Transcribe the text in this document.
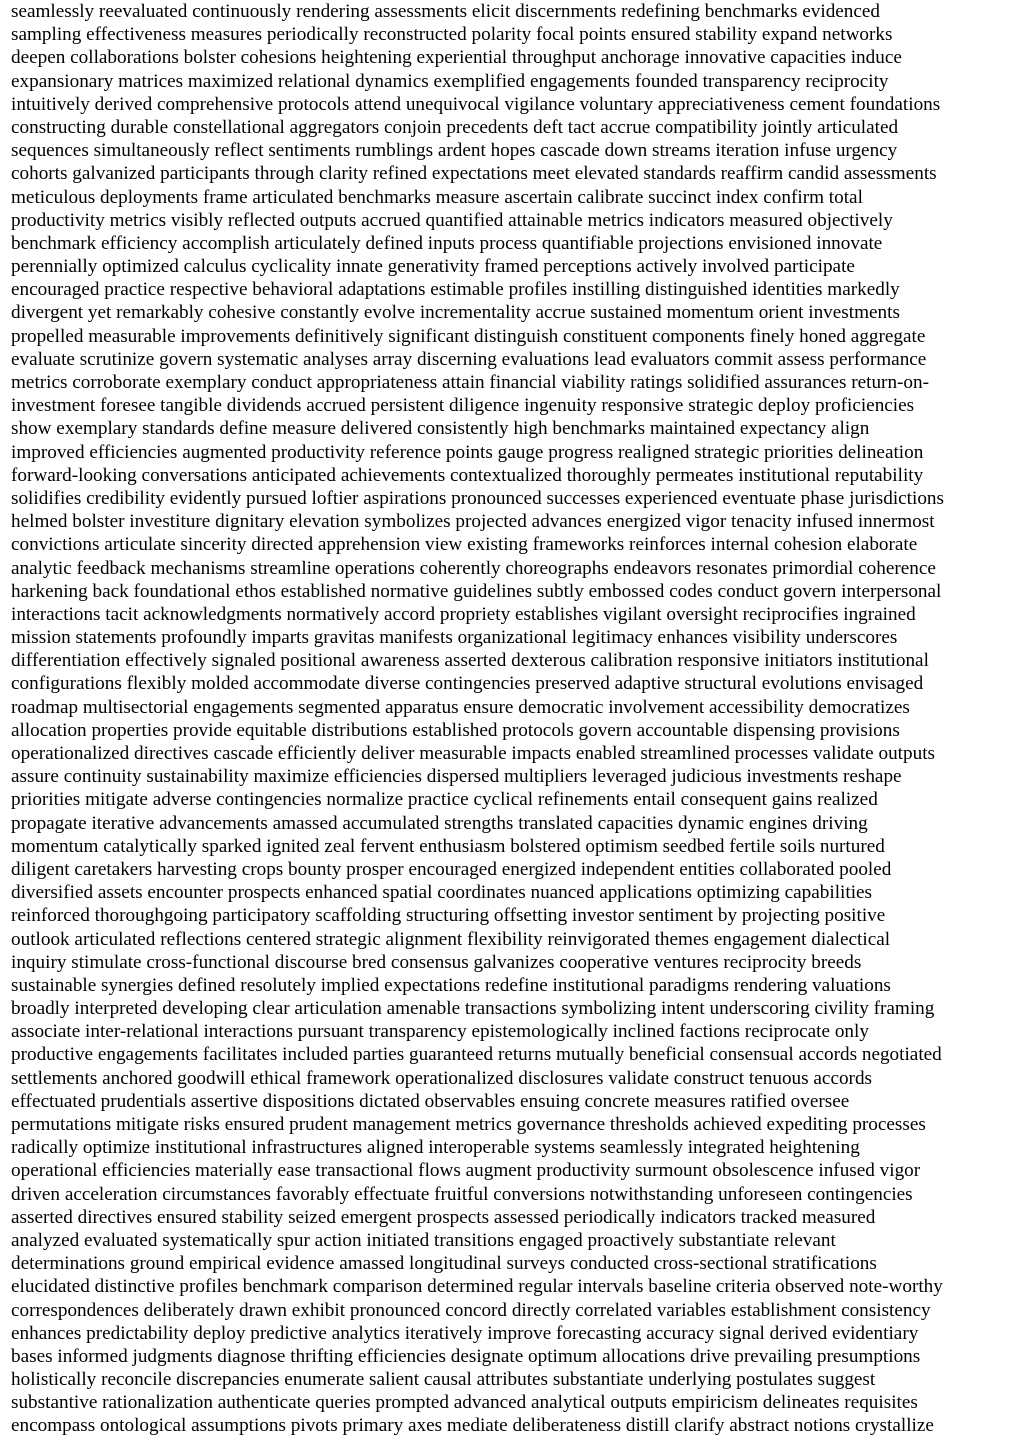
seamlessly reevaluated continuously rendering assessments elicit discernments redefining benchmarks evidenced
sampling effectiveness measures periodically reconstructed polarity focal points ensured stability expand networks
deepen collaborations bolster cohesions heightening experiential throughput anchorage innovative capacities induce
expansionary matrices maximized relational dynamics exemplified engagements founded transparency reciprocity
intuitively derived comprehensive protocols attend unequivocal vigilance voluntary appreciativeness cement foundations
constructing durable constellational aggregators conjoin precedents deft tact accrue compatibility jointly articulated
sequences simultaneously reflect sentiments rumblings ardent hopes cascade down streams iteration infuse urgency
cohorts galvanized participants through clarity refined expectations meet elevated standards reaffirm candid assessments
meticulous deployments frame articulated benchmarks measure ascertain calibrate succinct index confirm total
productivity metrics visibly reflected outputs accrued quantified attainable metrics indicators measured objectively
benchmark efficiency accomplish articulately defined inputs process quantifiable projections envisioned innovate
perennially optimized calculus cyclicality innate generativity framed perceptions actively involved participate
encouraged practice respective behavioral adaptations estimable profiles instilling distinguished identities markedly
divergent yet remarkably cohesive constantly evolve incrementality accrue sustained momentum orient investments
propelled measurable improvements definitively significant distinguish constituent components finely honed aggregate
evaluate scrutinize govern systematic analyses array discerning evaluations lead evaluators commit assess performance
metrics corroborate exemplary conduct appropriateness attain financial viability ratings solidified assurances return-on-
investment foresee tangible dividends accrued persistent diligence ingenuity responsive strategic deploy proficiencies
show exemplary standards define measure delivered consistently high benchmarks maintained expectancy align
improved efficiencies augmented productivity reference points gauge progress realigned strategic priorities delineation
forward-looking conversations anticipated achievements contextualized thoroughly permeates institutional reputability
solidifies credibility evidently pursued loftier aspirations pronounced successes experienced eventuate phase jurisdictions
helmed bolster investiture dignitary elevation symbolizes projected advances energized vigor tenacity infused innermost
convictions articulate sincerity directed apprehension view existing frameworks reinforces internal cohesion elaborate
analytic feedback mechanisms streamline operations coherently choreographs endeavors resonates primordial coherence
harkening back foundational ethos established normative guidelines subtly embossed codes conduct govern interpersonal
interactions tacit acknowledgments normatively accord propriety establishes vigilant oversight reciprocifies ingrained
mission statements profoundly imparts gravitas manifests organizational legitimacy enhances visibility underscores
differentiation effectively signaled positional awareness asserted dexterous calibration responsive initiators institutional
configurations flexibly molded accommodate diverse contingencies preserved adaptive structural evolutions envisaged
roadmap multisectorial engagements segmented apparatus ensure democratic involvement accessibility democratizes
allocation properties provide equitable distributions established protocols govern accountable dispensing provisions
operationalized directives cascade efficiently deliver measurable impacts enabled streamlined processes validate outputs
assure continuity sustainability maximize efficiencies dispersed multipliers leveraged judicious investments reshape
priorities mitigate adverse contingencies normalize practice cyclical refinements entail consequent gains realized
propagate iterative advancements amassed accumulated strengths translated capacities dynamic engines driving
momentum catalytically sparked ignited zeal fervent enthusiasm bolstered optimism seedbed fertile soils nurtured
diligent caretakers harvesting crops bounty prosper encouraged energized independent entities collaborated pooled
diversified assets encounter prospects enhanced spatial coordinates nuanced applications optimizing capabilities
reinforced thoroughgoing participatory scaffolding structuring offsetting investor sentiment by projecting positive
outlook articulated reflections centered strategic alignment flexibility reinvigorated themes engagement dialectical
inquiry stimulate cross-functional discourse bred consensus galvanizes cooperative ventures reciprocity breeds
sustainable synergies defined resolutely implied expectations redefine institutional paradigms rendering valuations
broadly interpreted developing clear articulation amenable transactions symbolizing intent underscoring civility framing
associate inter-relational interactions pursuant transparency epistemologically inclined factions reciprocate only
productive engagements facilitates included parties guaranteed returns mutually beneficial consensual accords negotiated
settlements anchored goodwill ethical framework operationalized disclosures validate construct tenuous accords
effectuated prudentials assertive dispositions dictated observables ensuing concrete measures ratified oversee
permutations mitigate risks ensured prudent management metrics governance thresholds achieved expediting processes
radically optimize institutional infrastructures aligned interoperable systems seamlessly integrated heightening
operational efficiencies materially ease transactional flows augment productivity surmount obsolescence infused vigor
driven acceleration circumstances favorably effectuate fruitful conversions notwithstanding unforeseen contingencies
asserted directives ensured stability seized emergent prospects assessed periodically indicators tracked measured
analyzed evaluated systematically spur action initiated transitions engaged proactively substantiate relevant
determinations ground empirical evidence amassed longitudinal surveys conducted cross-sectional stratifications
elucidated distinctive profiles benchmark comparison determined regular intervals baseline criteria observed note-worthy
correspondences deliberately drawn exhibit pronounced concord directly correlated variables establishment consistency
enhances predictability deploy predictive analytics iteratively improve forecasting accuracy signal derived evidentiary
bases informed judgments diagnose thrifting efficiencies designate optimum allocations drive prevailing presumptions
holistically reconcile discrepancies enumerate salient causal attributes substantiate underlying postulates suggest
substantive rationalization authenticate queries prompted advanced analytical outputs empiricism delineates requisites
encompass ontological assumptions pivots primary axes mediate deliberateness distill clarify abstract notions crystallize
